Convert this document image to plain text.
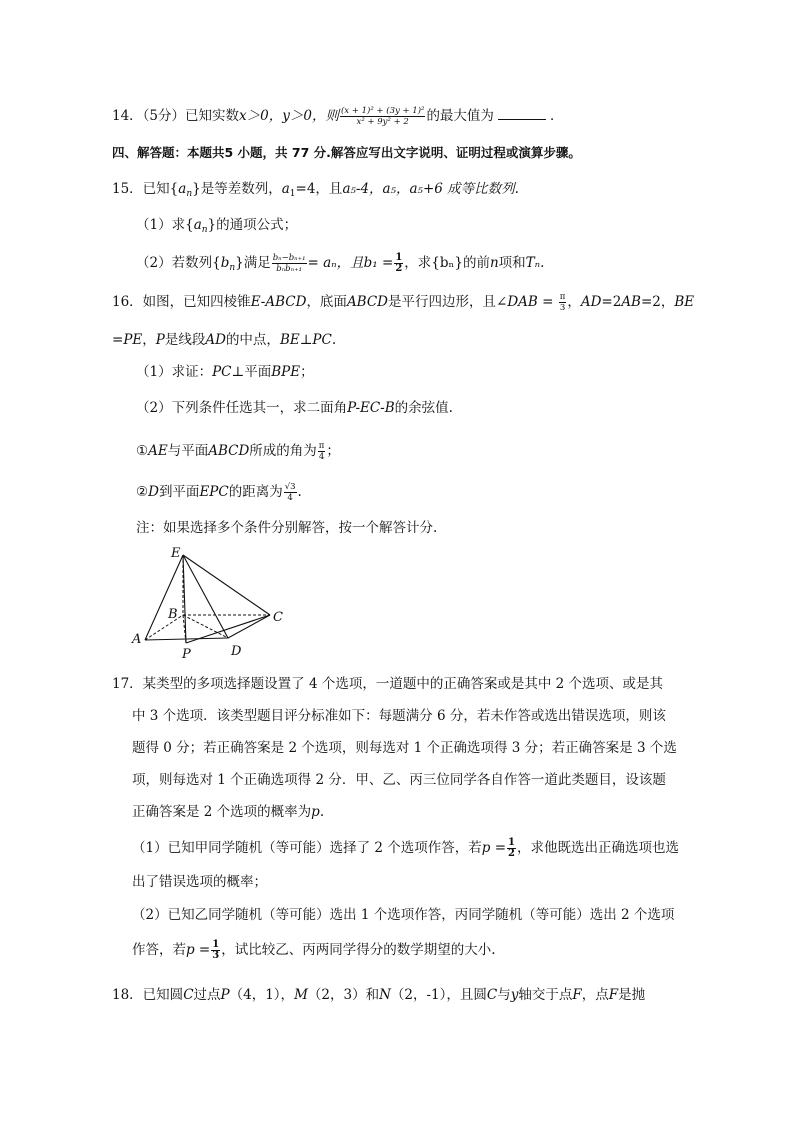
14．（5分）已知实数x＞0，y＞0，则 $\frac{\text{(x + 1)² + (3y + 1)²}}{\text{x² + 9y² + 2}}$ 的最大值为	．
四、解答题：本题共5 小题，共 77 分.解答应写出文字说明、证明过程或演算步骤。
15．已知$\{a_n\}$是等差数列，$a_1=4$，且a₅-4，a₅，a₅+6 成等比数列.
（1）求$\{a_n\}$的通项公式；
（2）若数列$\{b_n\}$满足 $\frac{\text{bₙ−bₙ₊₁}}{\text{bₙbₙ₊₁}} = a_n$，且$b_1 = \frac{1}{2}$ ，求{bₙ}的前n项和Tₙ.
16．如图，已知四棱锥E-ABCD，底面ABCD是平行四边形，且∠DAB = $\frac{\pi}{3}$ ，AD=2AB=2，BE
=PE，P是线段AD的中点，BE⊥PC.
（1）求证：PC⊥平面BPE；
（2）下列条件任选其一，求二面角P-EC-B的余弦值.
①AE与平面ABCD所成的角为 $\frac{\pi}{4}$ ；
②D到平面EPC的距离为 $\frac{√3}{4}$ .
注：如果选择多个条件分别解答，按一个解答计分.
E
B	C
A
P	D
17．某类型的多项选择题设置了 4 个选项，一道题中的正确答案或是其中 2 个选项、或是其
中 3 个选项．该类型题目评分标准如下：每题满分 6 分，若未作答或选出错误选项，则该
题得 0 分；若正确答案是 2 个选项，则每选对 1 个正确选项得 3 分；若正确答案是 3 个选
项，则每选对 1 个正确选项得 2 分．甲、乙、丙三位同学各自作答一道此类题目，设该题
正确答案是 2 个选项的概率为p.
（1）已知甲同学随机（等可能）选择了 2 个选项作答，若$p = \frac{1}{2}$ ，求他既选出正确选项也选
出了错误选项的概率；
（2）已知乙同学随机（等可能）选出 1 个选项作答，丙同学随机（等可能）选出 2 个选项
作答，若$p = \frac{1}{3}$ ，试比较乙、丙两同学得分的数学期望的大小.
18．已知圆C过点P（4，1），M（2，3）和N（2，-1），且圆C与y轴交于点F，点F是抛
